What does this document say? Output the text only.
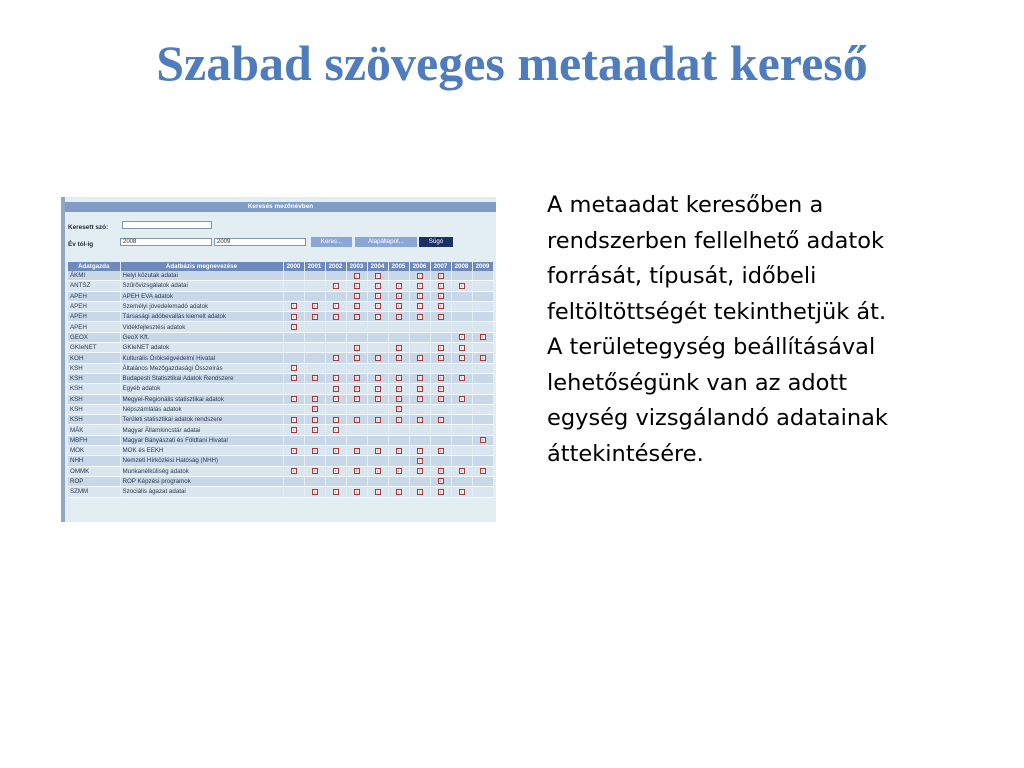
Szabad szöveges metaadat kereső
Keresés mezőnévben
Keresett szó:
Év tól-ig	2008	2009	Keres...	Alapállapot...	Súgó
Adatgazda	Adatbázis megnevezése	2000	2001	2002	2003	2004	2005	2006	2007	2008	2009
ÁKMI	Helyi közutak adatai				i	i		i	i		
ANTSZ	Szűrővizsgálatok adatai			i	i	i	i	i	i	i	
APEH	APEH EVA adatok				i	i	i	i	i		
APEH	Személyi jövedelemadó adatok	i	i	i	i	i	i	i	i		
APEH	Társasági adóbevallás kiemelt adatok	i	i	i	i	i	i	i	i		
APEH	Vidékfejlesztési adatok	i									
GEOX	GeoX Kft.									i	i
GKIeNET	GKIeNET adatok				i		i		i	i	
KOH	Kulturális Örökségvédelmi Hivatal			i	i	i	i	i	i	i	i
KSH	Általános Mezőgazdasági Összeírás	i									
KSH	Budapesti Statisztikai Adatok Rendszere	i	i	i	i	i	i	i	i	i	
KSH	Egyéb adatok			i	i	i	i	i	i		
KSH	Megyei-Regionális statisztikai adatok	i	i	i	i	i	i	i	i	i	
KSH	Népszámlálás adatok		i				i				
KSH	Területi statisztikai adatok rendszere	i	i	i	i	i	i	i	i		
MÁK	Magyar Államkincstár adatai	i	i	i							
MBFH	Magyar Bányászati és Földtani Hivatal										i
MOK	MOK és EEKH	i	i	i	i	i	i	i	i		
NHH	Nemzeti Hírközlési Hatóság (NHH)							i			
OMMK	Munkanélküliség adatok	i	i	i	i	i	i	i	i	i	i
ROP	ROP Képzési programok								i		
SZMM	Szociális ágazat adatai		i	i	i	i	i	i	i	i	
A metaadat keresőben a
rendszerben fellelhető adatok
forrását, típusát, időbeli
feltöltöttségét tekinthetjük át.
A területegység beállításával
lehetőségünk van az adott
egység vizsgálandó adatainak
áttekintésére.
